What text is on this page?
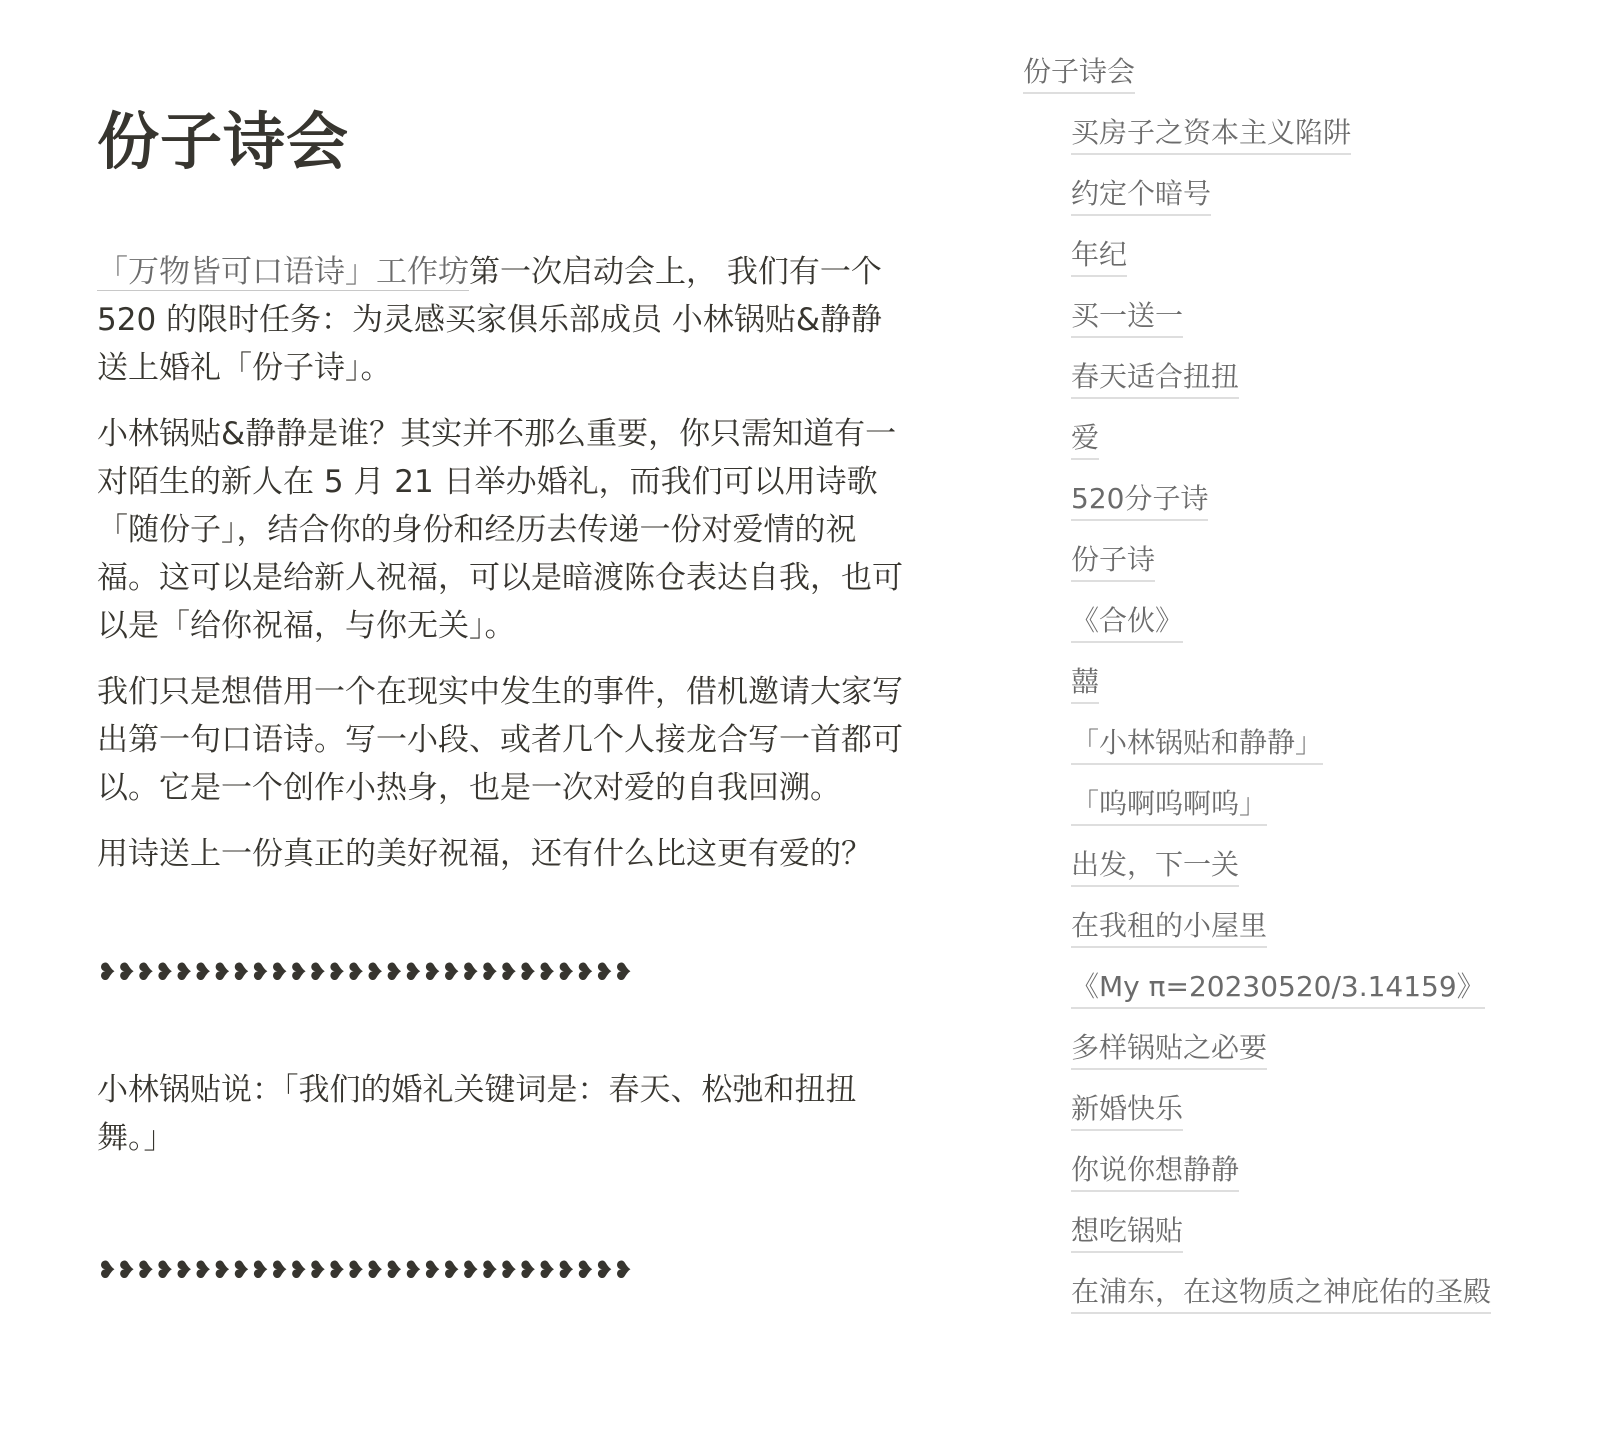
份子诗会

「万物皆可口语诗」工作坊第一次启动会上， 我们有一个 520 的限时任务：为灵感买家俱乐部成员 小林锅贴&静静 送上婚礼「份子诗」。

小林锅贴&静静是谁？其实并不那么重要，你只需知道有一对陌生的新人在 5 月 21 日举办婚礼，而我们可以用诗歌「随份子」，结合你的身份和经历去传递一份对爱情的祝福。这可以是给新人祝福，可以是暗渡陈仓表达自我，也可以是「给你祝福，与你无关」。

我们只是想借用一个在现实中发生的事件，借机邀请大家写出第一句口语诗。写一小段、或者几个人接龙合写一首都可以。它是一个创作小热身，也是一次对爱的自我回溯。

用诗送上一份真正的美好祝福，还有什么比这更有爱的？

❥❥❥❥❥❥❥❥❥❥❥❥❥❥❥❥❥❥❥❥❥❥❥❥❥❥❥❥

小林锅贴说：「我们的婚礼关键词是：春天、松弛和扭扭舞。」

❥❥❥❥❥❥❥❥❥❥❥❥❥❥❥❥❥❥❥❥❥❥❥❥❥❥❥❥
份子诗会
买房子之资本主义陷阱
约定个暗号
年纪
买一送一
春天适合扭扭
爱
520分子诗
份子诗
《合伙》
囍
「小林锅贴和静静」
「呜啊呜啊呜」
出发，下一关
在我租的小屋里
《My π=20230520/3.14159》
多样锅贴之必要
新婚快乐
你说你想静静
想吃锅贴
在浦东，在这物质之神庇佑的圣殿
